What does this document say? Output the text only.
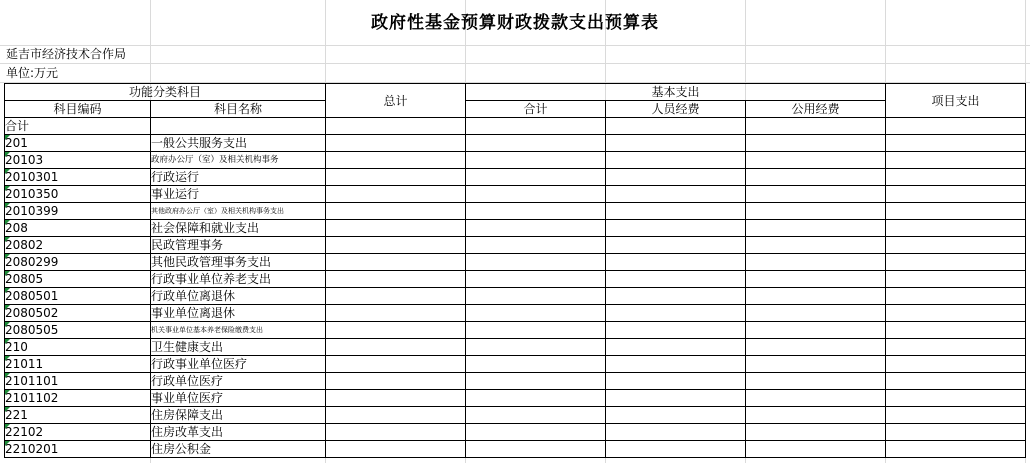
政府性基金预算财政拨款支出预算表
延吉市经济技术合作局
单位:万元
功能分类科目		总计	基本支出			项目支出
科目编码	科目名称		合计	人员经费	公用经费	
合计						

201	一般公共服务支出					

20103	政府办公厅（室）及相关机构事务					

2010301	行政运行					

2010350	事业运行					

2010399	其他政府办公厅（室）及相关机构事务支出					

208	社会保障和就业支出					

20802	民政管理事务					

2080299	其他民政管理事务支出					

20805	行政事业单位养老支出					

2080501	行政单位离退休					

2080502	事业单位离退休					

2080505	机关事业单位基本养老保险缴费支出					

210	卫生健康支出					

21011	行政事业单位医疗					

2101101	行政单位医疗					

2101102	事业单位医疗					

221	住房保障支出					

22102	住房改革支出					

2210201	住房公积金					
